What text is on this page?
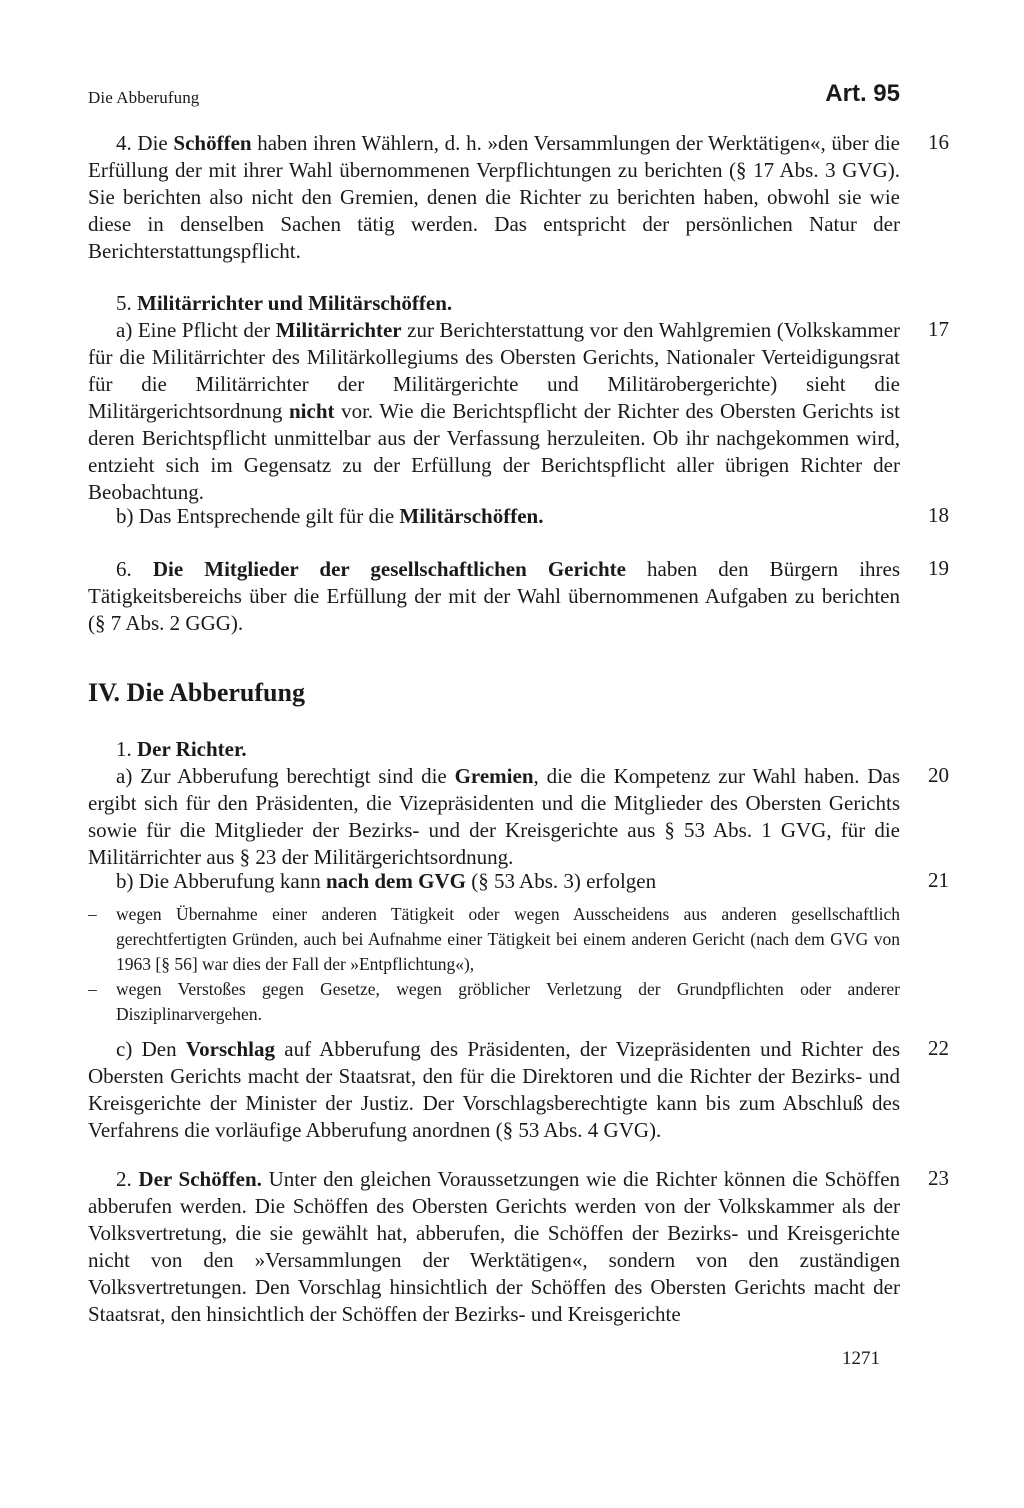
Die Abberufung	Art. 95

4. Die Schöffen haben ihren Wählern, d. h. »den Versammlungen der Werktätigen«, über die Erfüllung der mit ihrer Wahl übernommenen Verpflichtungen zu berichten (§ 17 Abs. 3 GVG). Sie berichten also nicht den Gremien, denen die Richter zu berichten haben, obwohl sie wie diese in denselben Sachen tätig werden. Das entspricht der persönlichen Natur der Berichterstattungspflicht.

16

5. Militärrichter und Militärschöffen.

a) Eine Pflicht der Militärrichter zur Berichterstattung vor den Wahlgremien (Volkskammer für die Militärrichter des Militärkollegiums des Obersten Gerichts, Nationaler Verteidigungsrat für die Militärrichter der Militärgerichte und Militärobergerichte) sieht die Militärgerichtsordnung nicht vor. Wie die Berichtspflicht der Richter des Obersten Gerichts ist deren Berichtspflicht unmittelbar aus der Verfassung herzuleiten. Ob ihr nachgekommen wird, entzieht sich im Gegensatz zu der Erfüllung der Berichtspflicht aller übrigen Richter der Beobachtung.

17

b) Das Entsprechende gilt für die Militärschöffen.	18

6. Die Mitglieder der gesellschaftlichen Gerichte haben den Bürgern ihres Tätigkeitsbereichs über die Erfüllung der mit der Wahl übernommenen Aufgaben zu berichten (§ 7 Abs. 2 GGG).

19
IV. Die Abberufung

1. Der Richter.

a) Zur Abberufung berechtigt sind die Gremien, die die Kompetenz zur Wahl haben. Das ergibt sich für den Präsidenten, die Vizepräsidenten und die Mitglieder des Obersten Gerichts sowie für die Mitglieder der Bezirks- und der Kreisgerichte aus § 53 Abs. 1 GVG, für die Militärrichter aus § 23 der Militärgerichtsordnung.

20

b) Die Abberufung kann nach dem GVG (§ 53 Abs. 3) erfolgen	21
– wegen Übernahme einer anderen Tätigkeit oder wegen Ausscheidens aus anderen gesellschaftlich gerechtfertigten Gründen, auch bei Aufnahme einer Tätigkeit bei einem anderen Gericht (nach dem GVG von 1963 [§ 56] war dies der Fall der »Entpflichtung«),
– wegen Verstoßes gegen Gesetze, wegen gröblicher Verletzung der Grundpflichten oder anderer Disziplinarvergehen.

c) Den Vorschlag auf Abberufung des Präsidenten, der Vizepräsidenten und Richter des Obersten Gerichts macht der Staatsrat, den für die Direktoren und die Richter der Bezirks- und Kreisgerichte der Minister der Justiz. Der Vorschlagsberechtigte kann bis zum Abschluß des Verfahrens die vorläufige Abberufung anordnen (§ 53 Abs. 4 GVG).

22

2. Der Schöffen. Unter den gleichen Voraussetzungen wie die Richter können die Schöffen abberufen werden. Die Schöffen des Obersten Gerichts werden von der Volkskammer als der Volksvertretung, die sie gewählt hat, abberufen, die Schöffen der Bezirks- und Kreisgerichte nicht von den »Versammlungen der Werktätigen«, sondern von den zuständigen Volksvertretungen. Den Vorschlag hinsichtlich der Schöffen des Obersten Gerichts macht der Staatsrat, den hinsichtlich der Schöffen der Bezirks- und Kreisgerichte

23
1271
